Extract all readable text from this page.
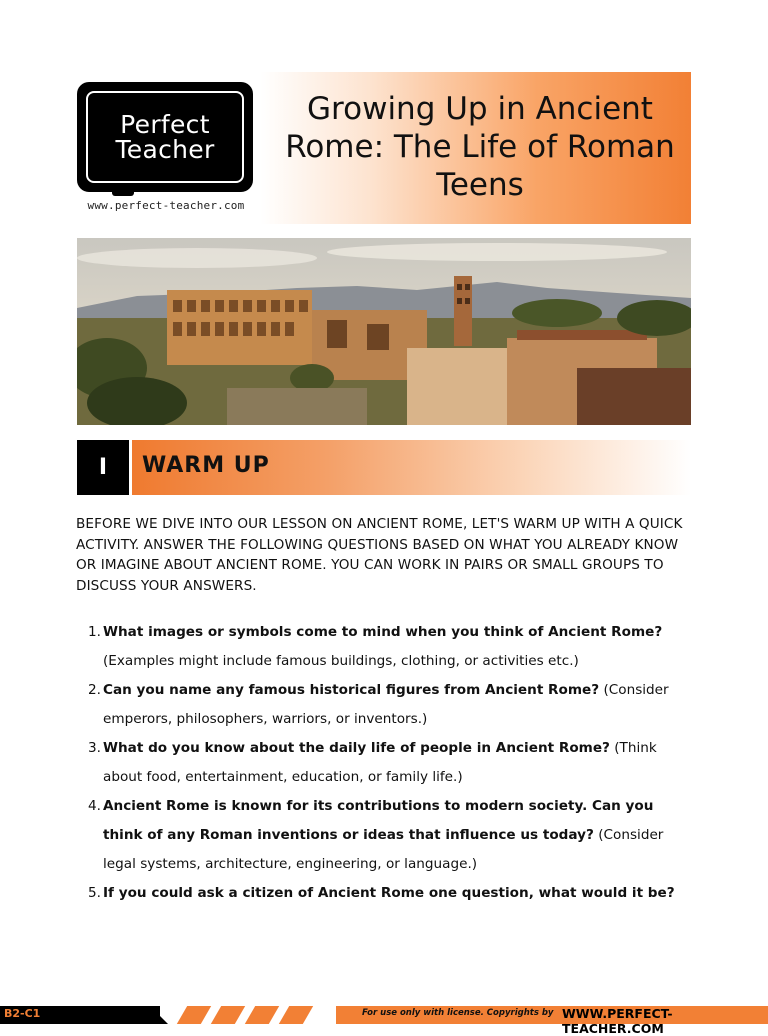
Perfect
Teacher
www.perfect-teacher.com
Growing Up in Ancient Rome: The Life of Roman Teens
I	WARM UP
BEFORE WE DIVE INTO OUR LESSON ON ANCIENT ROME, LET'S WARM UP WITH A QUICK ACTIVITY. ANSWER THE FOLLOWING QUESTIONS BASED ON WHAT YOU ALREADY KNOW OR IMAGINE ABOUT ANCIENT ROME. YOU CAN WORK IN PAIRS OR SMALL GROUPS TO DISCUSS YOUR ANSWERS.
1. What images or symbols come to mind when you think of Ancient Rome? (Examples might include famous buildings, clothing, or activities etc.)
2. Can you name any famous historical figures from Ancient Rome? (Consider emperors, philosophers, warriors, or inventors.)
3. What do you know about the daily life of people in Ancient Rome? (Think about food, entertainment, education, or family life.)
4. Ancient Rome is known for its contributions to modern society. Can you think of any Roman inventions or ideas that influence us today? (Consider legal systems, architecture, engineering, or language.)
5. If you could ask a citizen of Ancient Rome one question, what would it be?
B2-C1	For use only with license. Copyrights by WWW.PERFECT-TEACHER.COM
